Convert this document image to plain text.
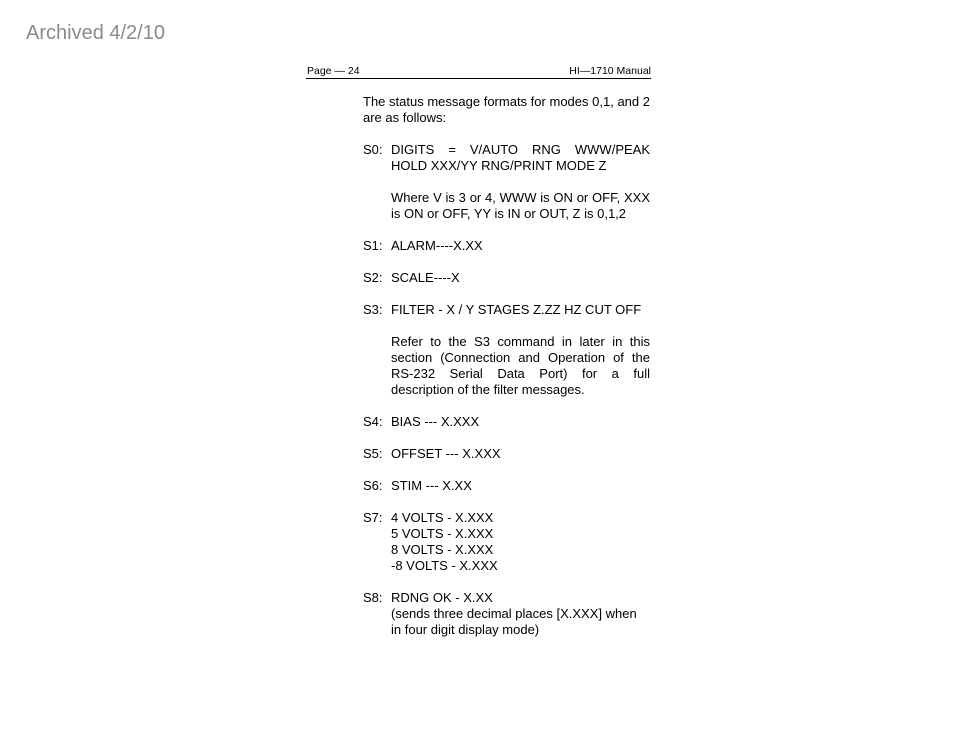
Archived 4/2/10
Page — 24	HI—1710 Manual

The status message formats for modes 0,1, and 2 are as follows:

S0: DIGITS = V/AUTO RNG WWW/PEAK
HOLD XXX/YY RNG/PRINT MODE Z

Where V is 3 or 4, WWW is ON or OFF, XXX is ON or OFF, YY is IN or OUT, Z is 0,1,2

S1: ALARM----X.XX
S2: SCALE----X
S3: FILTER - X / Y STAGES Z.ZZ HZ CUT OFF

Refer to the S3 command in later in this section (Connection and Operation of the RS-232 Serial Data Port) for a full description of the filter messages.

S4: BIAS --- X.XXX
S5: OFFSET --- X.XXX
S6: STIM --- X.XX
S7: 4 VOLTS - X.XXX
5 VOLTS - X.XXX
8 VOLTS - X.XXX
-8 VOLTS - X.XXX
S8: RDNG OK - X.XX
(sends three decimal places [X.XXX] when
in four digit display mode)
